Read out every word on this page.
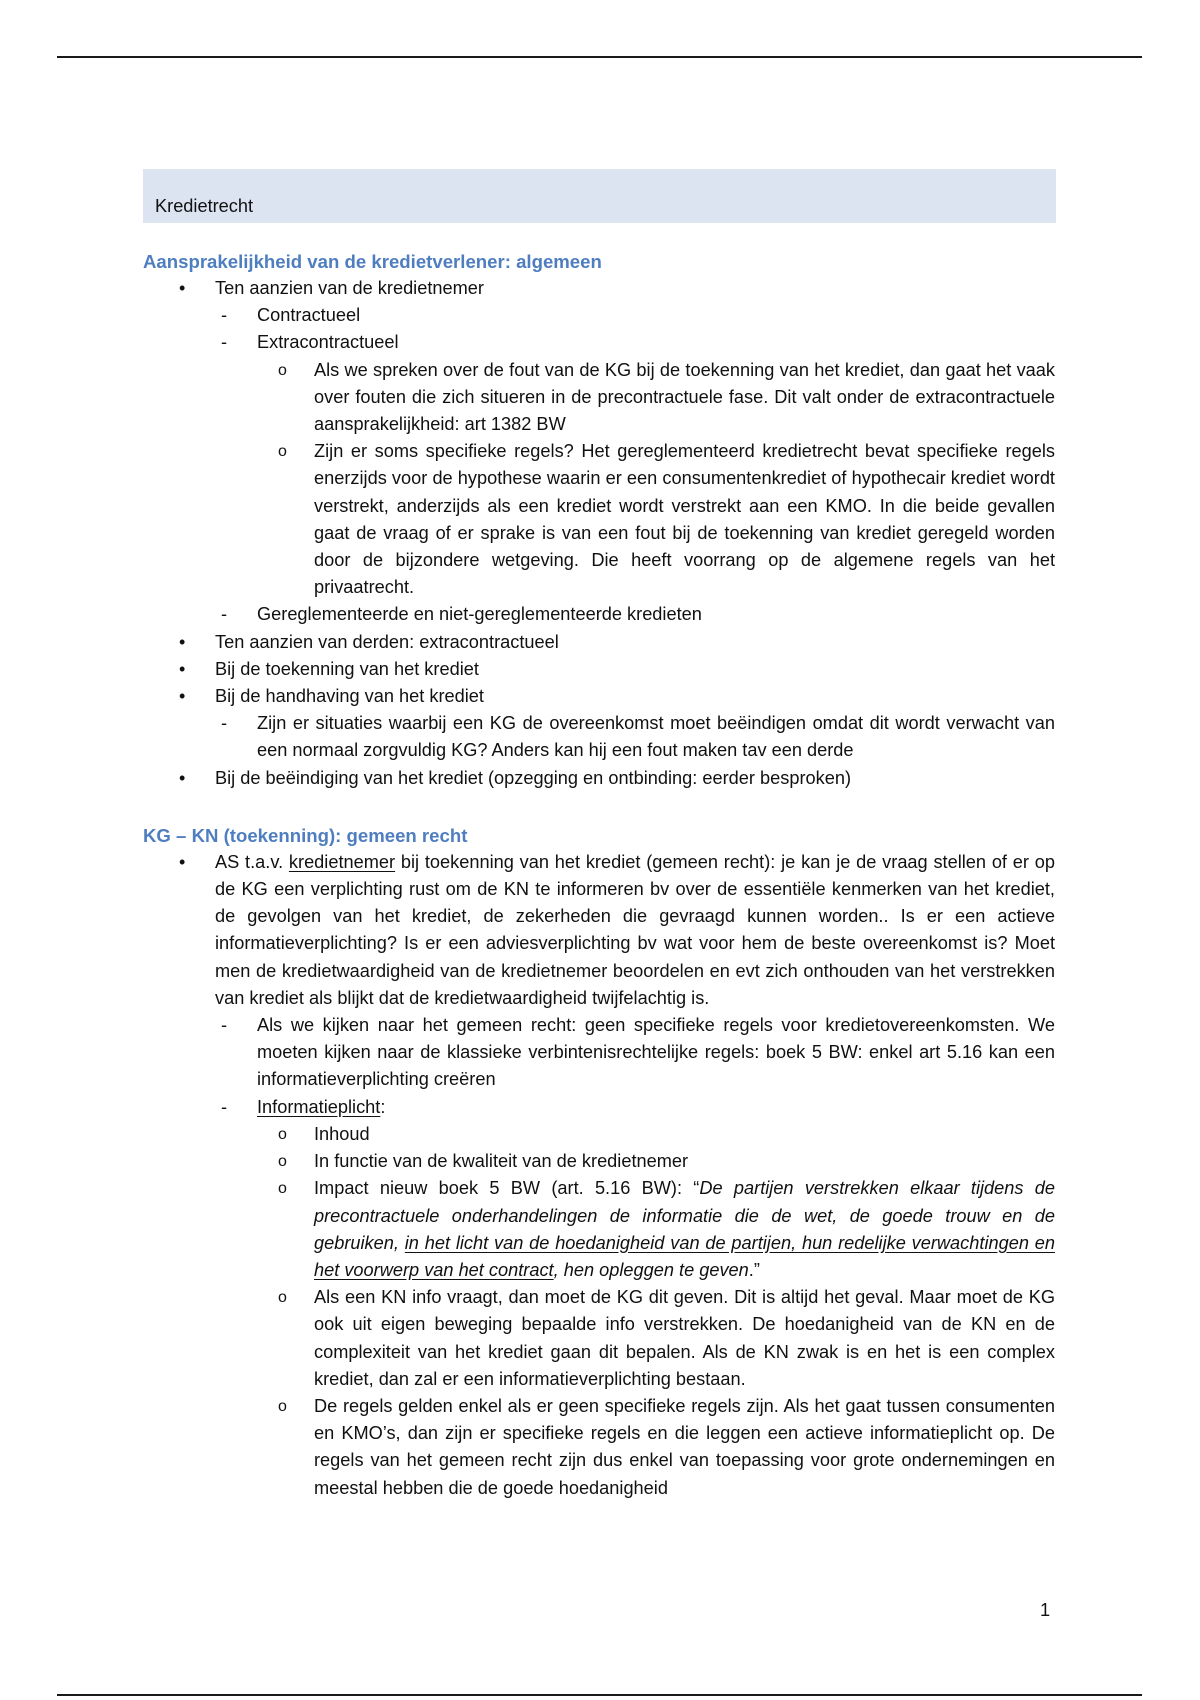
Kredietrecht
Aansprakelijkheid van de kredietverlener: algemeen
• Ten aanzien van de kredietnemer
- Contractueel
- Extracontractueel
o Als we spreken over de fout van de KG bij de toekenning van het krediet, dan gaat het vaak over fouten die zich situeren in de precontractuele fase. Dit valt onder de extracontractuele aansprakelijkheid: art 1382 BW
o Zijn er soms specifieke regels? Het gereglementeerd kredietrecht bevat specifieke regels enerzijds voor de hypothese waarin er een consumentenkrediet of hypothecair krediet wordt verstrekt, anderzijds als een krediet wordt verstrekt aan een KMO. In die beide gevallen gaat de vraag of er sprake is van een fout bij de toekenning van krediet geregeld worden door de bijzondere wetgeving. Die heeft voorrang op de algemene regels van het privaatrecht.
- Gereglementeerde en niet-gereglementeerde kredieten
• Ten aanzien van derden: extracontractueel
• Bij de toekenning van het krediet
• Bij de handhaving van het krediet
- Zijn er situaties waarbij een KG de overeenkomst moet beëindigen omdat dit wordt verwacht van een normaal zorgvuldig KG? Anders kan hij een fout maken tav een derde
• Bij de beëindiging van het krediet (opzegging en ontbinding: eerder besproken)
KG – KN (toekenning): gemeen recht
• AS t.a.v. kredietnemer bij toekenning van het krediet (gemeen recht): je kan je de vraag stellen of er op de KG een verplichting rust om de KN te informeren bv over de essentiële kenmerken van het krediet, de gevolgen van het krediet, de zekerheden die gevraagd kunnen worden.. Is er een actieve informatieverplichting? Is er een adviesverplichting bv wat voor hem de beste overeenkomst is? Moet men de kredietwaardigheid van de kredietnemer beoordelen en evt zich onthouden van het verstrekken van krediet als blijkt dat de kredietwaardigheid twijfelachtig is.
- Als we kijken naar het gemeen recht: geen specifieke regels voor kredietovereenkomsten. We moeten kijken naar de klassieke verbintenisrechtelijke regels: boek 5 BW: enkel art 5.16 kan een informatieverplichting creëren
- Informatieplicht:
o Inhoud
o In functie van de kwaliteit van de kredietnemer
o Impact nieuw boek 5 BW (art. 5.16 BW): “De partijen verstrekken elkaar tijdens de precontractuele onderhandelingen de informatie die de wet, de goede trouw en de gebruiken, in het licht van de hoedanigheid van de partijen, hun redelijke verwachtingen en het voorwerp van het contract, hen opleggen te geven.”
o Als een KN info vraagt, dan moet de KG dit geven. Dit is altijd het geval. Maar moet de KG ook uit eigen beweging bepaalde info verstrekken. De hoedanigheid van de KN en de complexiteit van het krediet gaan dit bepalen. Als de KN zwak is en het is een complex krediet, dan zal er een informatieverplichting bestaan.
o De regels gelden enkel als er geen specifieke regels zijn. Als het gaat tussen consumenten en KMO’s, dan zijn er specifieke regels en die leggen een actieve informatieplicht op. De regels van het gemeen recht zijn dus enkel van toepassing voor grote ondernemingen en meestal hebben die de goede hoedanigheid
1
